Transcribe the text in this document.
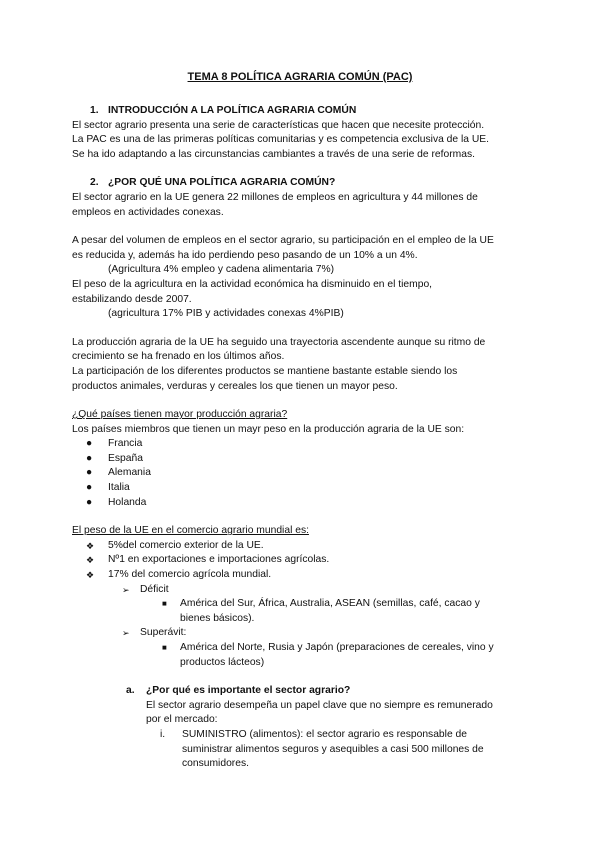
TEMA 8 POLÍTICA AGRARIA COMÚN (PAC)

1. INTRODUCCIÓN A LA POLÍTICA AGRARIA COMÚN

El sector agrario presenta una serie de características que hacen que necesite protección.

La PAC es una de las primeras políticas comunitarias y es competencia exclusiva de la UE.

Se ha ido adaptando a las circunstancias cambiantes a través de una serie de reformas.

2. ¿POR QUÉ UNA POLÍTICA AGRARIA COMÚN?

El sector agrario en la UE genera 22 millones de empleos en agricultura y 44 millones de

empleos en actividades conexas.

A pesar del volumen de empleos en el sector agrario, su participación en el empleo de la UE

es reducida y, además ha ido perdiendo peso pasando de un 10% a un 4%.

(Agricultura 4% empleo y cadena alimentaria 7%)

El peso de la agricultura en la actividad económica ha disminuido en el tiempo,

estabilizando desde 2007.

(agricultura 17% PIB y actividades conexas 4%PIB)

La producción agraria de la UE ha seguido una trayectoria ascendente aunque su ritmo de

crecimiento se ha frenado en los últimos años.

La participación de los diferentes productos se mantiene bastante estable siendo los

productos animales, verduras y cereales los que tienen un mayor peso.

¿Qué países tienen mayor producción agraria?

Los países miembros que tienen un mayr peso en la producción agraria de la UE son:

● Francia
● España
● Alemania
● Italia
● Holanda

El peso de la UE en el comercio agrario mundial es:

❖ 5%del comercio exterior de la UE.
❖ Nº1 en exportaciones e importaciones agrícolas.
❖ 17% del comercio agrícola mundial.

➢ Déficit

■ América del Sur, África, Australia, ASEAN (semillas, café, cacao y

bienes básicos).

➢ Superávit:

■ América del Norte, Rusia y Japón (preparaciones de cereales, vino y

productos lácteos)

a. ¿Por qué es importante el sector agrario?

El sector agrario desempeña un papel clave que no siempre es remunerado

por el mercado:

i. SUMINISTRO (alimentos): el sector agrario es responsable de

suministrar alimentos seguros y asequibles a casi 500 millones de

consumidores.
